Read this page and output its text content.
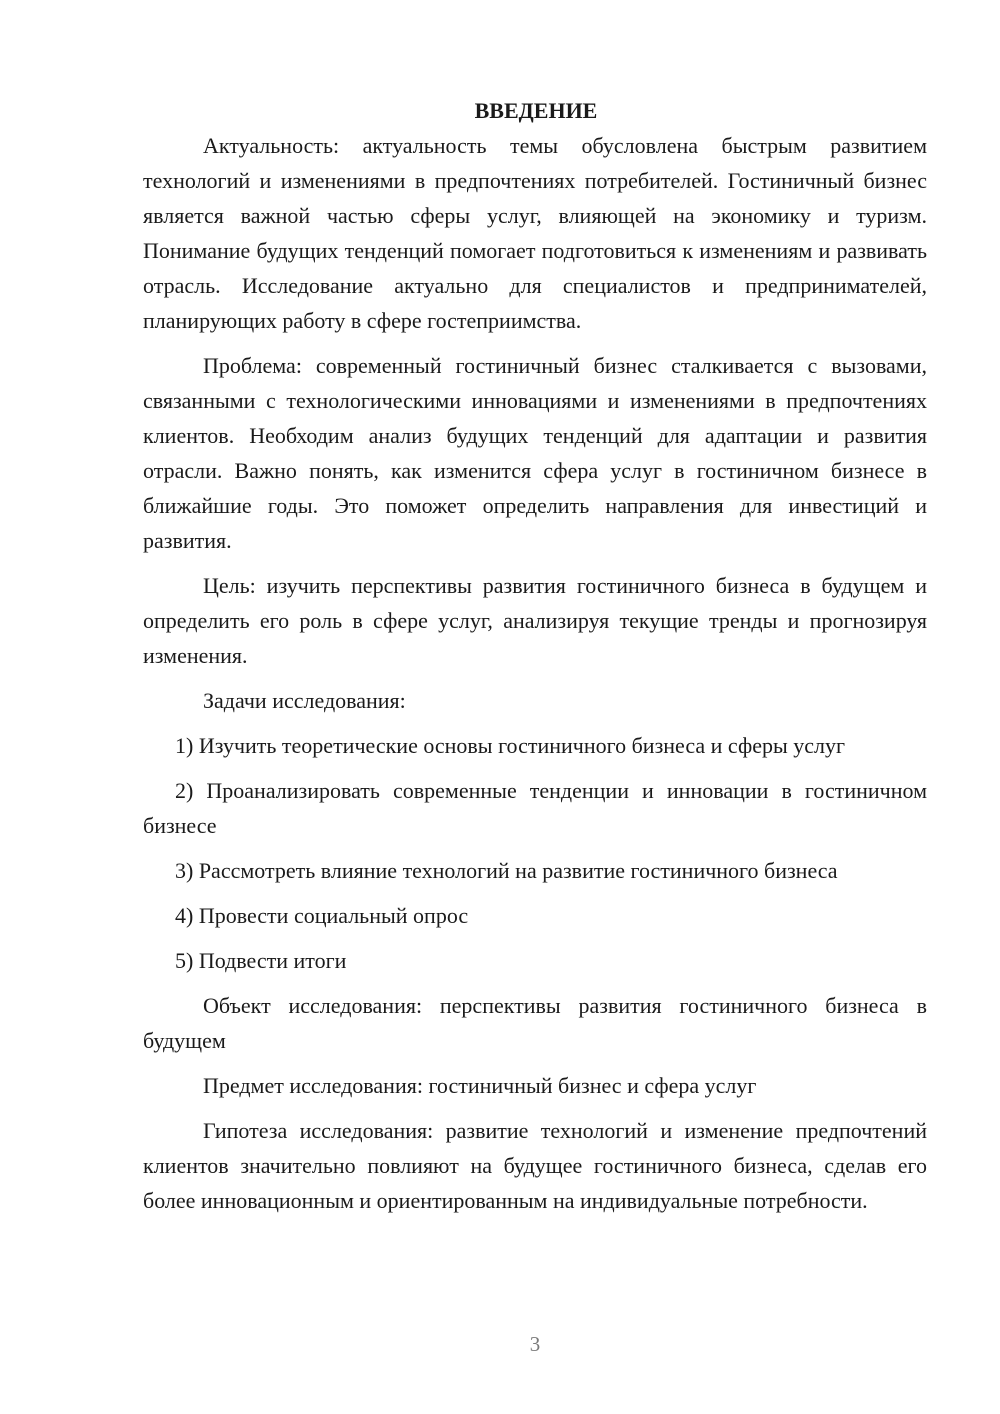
ВВЕДЕНИЕ

Актуальность: актуальность темы обусловлена быстрым развитием технологий и изменениями в предпочтениях потребителей. Гостиничный бизнес является важной частью сферы услуг, влияющей на экономику и туризм. Понимание будущих тенденций помогает подготовиться к изменениям и развивать отрасль. Исследование актуально для специалистов и предпринимателей, планирующих работу в сфере гостеприимства.

Проблема: современный гостиничный бизнес сталкивается с вызовами, связанными с технологическими инновациями и изменениями в предпочтениях клиентов. Необходим анализ будущих тенденций для адаптации и развития отрасли. Важно понять, как изменится сфера услуг в гостиничном бизнесе в ближайшие годы. Это поможет определить направления для инвестиций и развития.

Цель: изучить перспективы развития гостиничного бизнеса в будущем и определить его роль в сфере услуг, анализируя текущие тренды и прогнозируя изменения.

Задачи исследования:

1) Изучить теоретические основы гостиничного бизнеса и сферы услуг

2) Проанализировать современные тенденции и инновации в гостиничном бизнесе

3) Рассмотреть влияние технологий на развитие гостиничного бизнеса

4) Провести социальный опрос

5) Подвести итоги

Объект исследования: перспективы развития гостиничного бизнеса в будущем

Предмет исследования: гостиничный бизнес и сфера услуг

Гипотеза исследования: развитие технологий и изменение предпочтений клиентов значительно повлияют на будущее гостиничного бизнеса, сделав его более инновационным и ориентированным на индивидуальные потребности.

3
